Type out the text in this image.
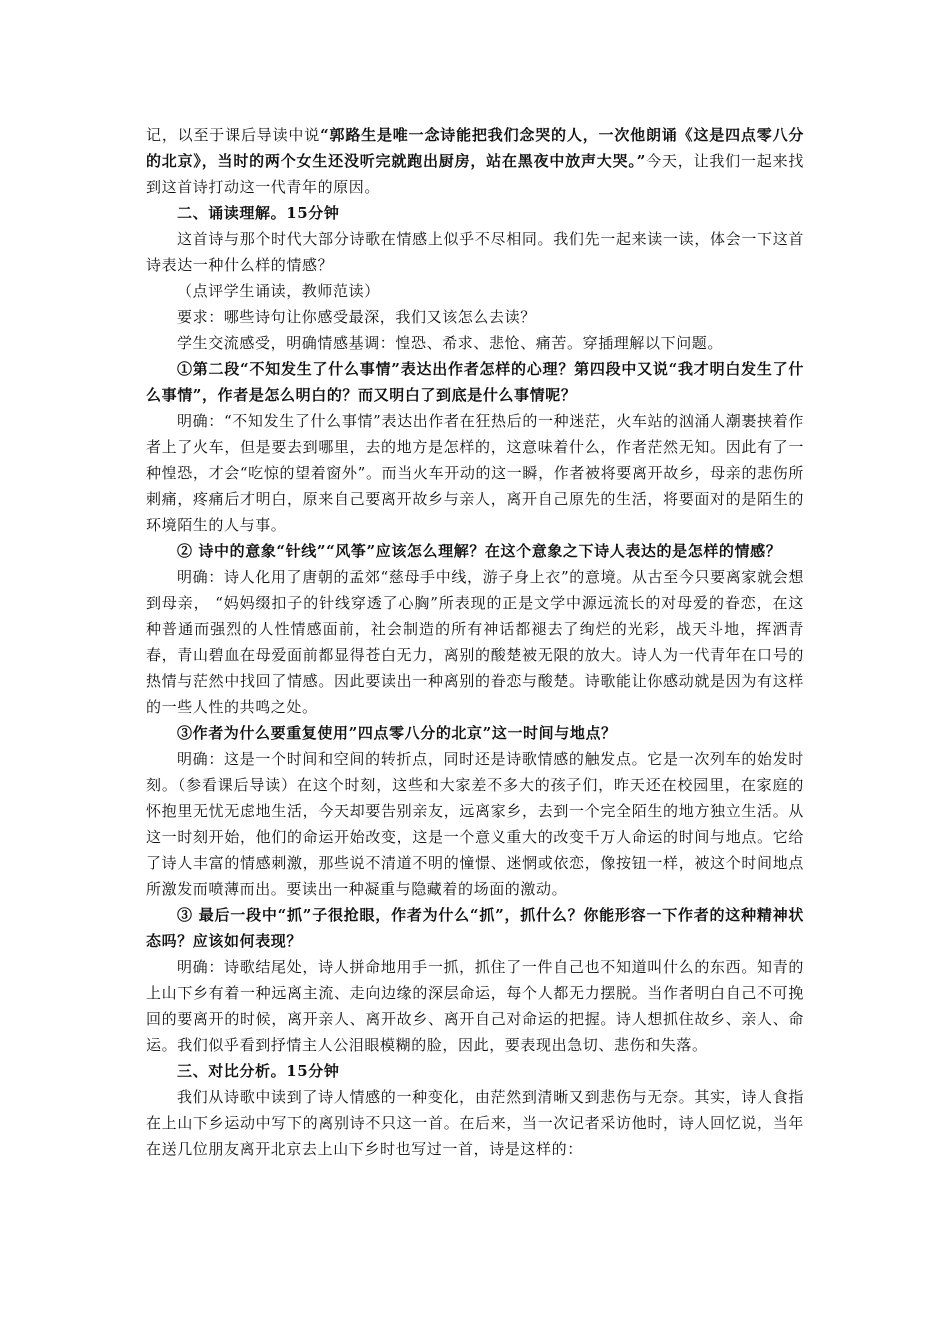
记，以至于课后导读中说“郭路生是唯一念诗能把我们念哭的人，一次他朗诵《这是四点零八分的北京》，当时的两个女生还没听完就跑出厨房，站在黑夜中放声大哭。”今天，让我们一起来找到这首诗打动这一代青年的原因。

二、诵读理解。15分钟

这首诗与那个时代大部分诗歌在情感上似乎不尽相同。我们先一起来读一读，体会一下这首诗表达一种什么样的情感？

（点评学生诵读，教师范读）

要求：哪些诗句让你感受最深，我们又该怎么去读？

学生交流感受，明确情感基调：惶恐、希求、悲怆、痛苦。穿插理解以下问题。

①第二段“不知发生了什么事情”表达出作者怎样的心理？第四段中又说“我才明白发生了什么事情”，作者是怎么明白的？而又明白了到底是什么事情呢？

明确：“不知发生了什么事情”表达出作者在狂热后的一种迷茫，火车站的汹涌人潮裹挟着作者上了火车，但是要去到哪里，去的地方是怎样的，这意味着什么，作者茫然无知。因此有了一种惶恐，才会“吃惊的望着窗外”。而当火车开动的这一瞬，作者被将要离开故乡，母亲的悲伤所刺痛，疼痛后才明白，原来自己要离开故乡与亲人，离开自己原先的生活，将要面对的是陌生的环境陌生的人与事。

② 诗中的意象“针线”“风筝”应该怎么理解？在这个意象之下诗人表达的是怎样的情感？

明确：诗人化用了唐朝的孟郊“慈母手中线，游子身上衣”的意境。从古至今只要离家就会想到母亲， “妈妈缀扣子的针线穿透了心胸”所表现的正是文学中源远流长的对母爱的眷恋，在这种普通而强烈的人性情感面前，社会制造的所有神话都褪去了绚烂的光彩，战天斗地，挥洒青春，青山碧血在母爱面前都显得苍白无力，离别的酸楚被无限的放大。诗人为一代青年在口号的热情与茫然中找回了情感。因此要读出一种离别的眷恋与酸楚。诗歌能让你感动就是因为有这样的一些人性的共鸣之处。

③作者为什么要重复使用”四点零八分的北京”这一时间与地点？

明确：这是一个时间和空间的转折点，同时还是诗歌情感的触发点。它是一次列车的始发时刻。（参看课后导读）在这个时刻，这些和大家差不多大的孩子们，昨天还在校园里，在家庭的怀抱里无忧无虑地生活，今天却要告别亲友，远离家乡，去到一个完全陌生的地方独立生活。从这一时刻开始，他们的命运开始改变，这是一个意义重大的改变千万人命运的时间与地点。它给了诗人丰富的情感刺激，那些说不清道不明的憧憬、迷惘或依恋，像按钮一样，被这个时间地点所激发而喷薄而出。要读出一种凝重与隐藏着的场面的激动。

③ 最后一段中“抓”子很抢眼，作者为什么“抓”，抓什么？你能形容一下作者的这种精神状态吗？应该如何表现？

明确：诗歌结尾处，诗人拼命地用手一抓，抓住了一件自己也不知道叫什么的东西。知青的上山下乡有着一种远离主流、走向边缘的深层命运，每个人都无力摆脱。当作者明白自己不可挽回的要离开的时候，离开亲人、离开故乡、离开自己对命运的把握。诗人想抓住故乡、亲人、命运。我们似乎看到抒情主人公泪眼模糊的脸，因此，要表现出急切、悲伤和失落。

三、对比分析。15分钟

我们从诗歌中读到了诗人情感的一种变化，由茫然到清晰又到悲伤与无奈。其实，诗人食指在上山下乡运动中写下的离别诗不只这一首。在后来，当一次记者采访他时，诗人回忆说，当年在送几位朋友离开北京去上山下乡时也写过一首，诗是这样的：
